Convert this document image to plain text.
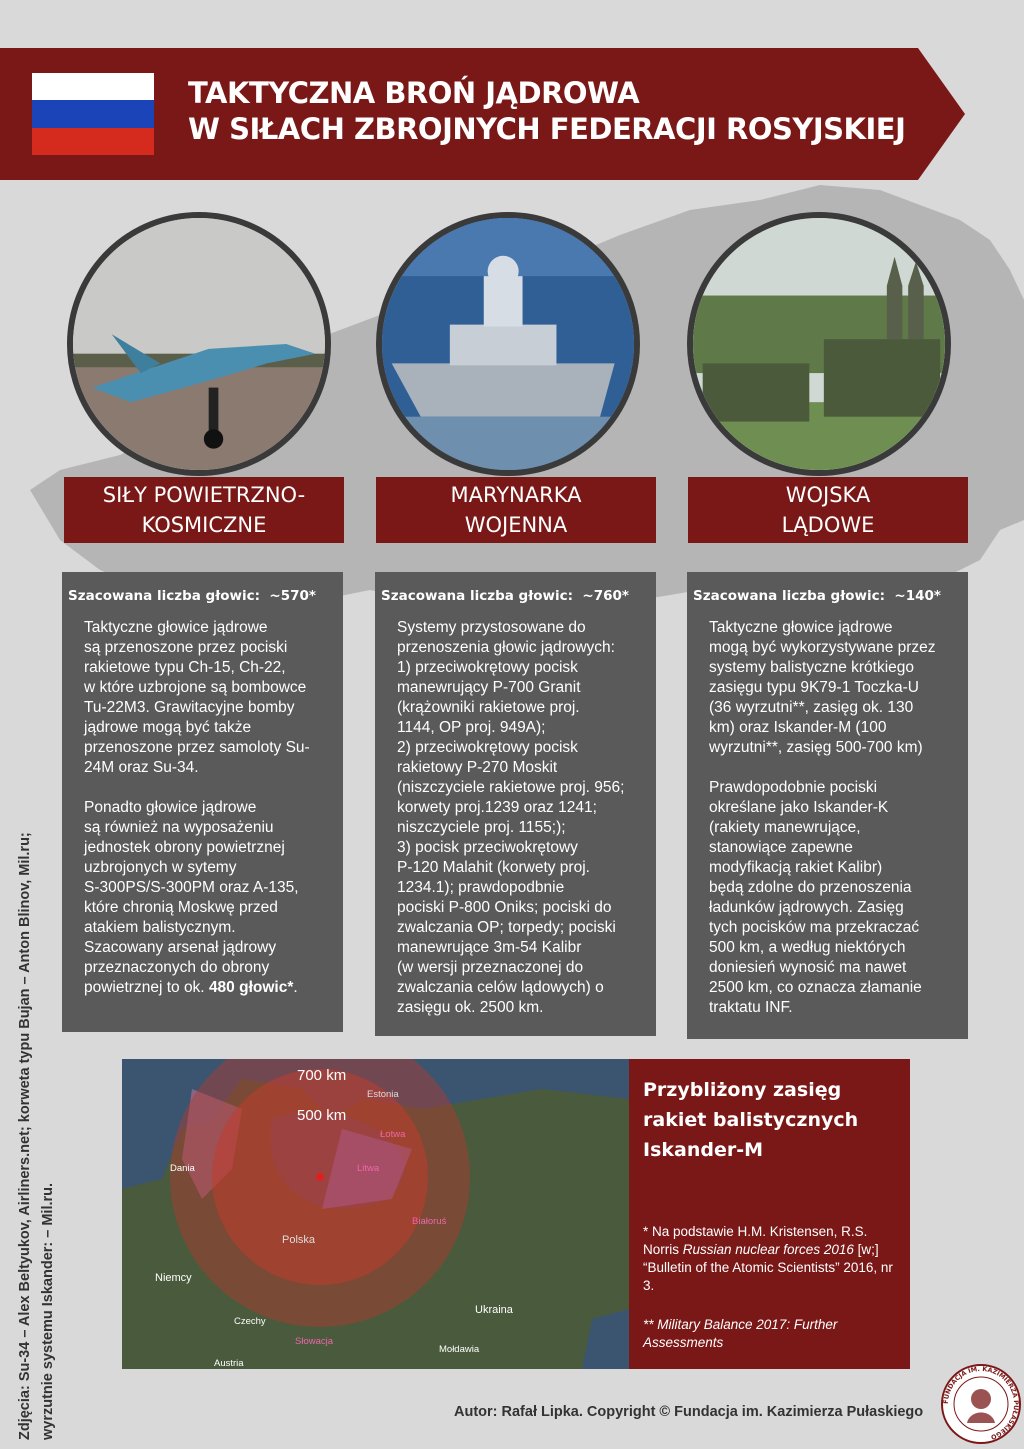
TAKTYCZNA BROŃ JĄDROWA
W SIŁACH ZBROJNYCH FEDERACJI ROSYJSKIEJ
SIŁY POWIETRZNO-
KOSMICZNE
MARYNARKA
WOJENNA
WOJSKA
LĄDOWE
Szacowana liczba głowic: ~570*

Taktyczne głowice jądrowe
są przenoszone przez pociski
rakietowe typu Ch-15, Ch-22,
w które uzbrojone są bombowce
Tu-22M3. Grawitacyjne bomby
jądrowe mogą być także
przenoszone przez samoloty Su-
24M oraz Su-34.

Ponadto głowice jądrowe
są również na wyposażeniu
jednostek obrony powietrznej
uzbrojonych w sytemy
S-300PS/S-300PM oraz A-135,
które chronią Moskwę przed
atakiem balistycznym.
Szacowany arsenał jądrowy
przeznaczonych do obrony
powietrznej to ok. 480 głowic*.

Szacowana liczba głowic: ~760*

Systemy przystosowane do
przenoszenia głowic jądrowych:
1) przeciwokrętowy pocisk
manewrujący P-700 Granit
(krążowniki rakietowe proj.
1144, OP proj. 949A);
2) przeciwokrętowy pocisk
rakietowy P-270 Moskit
(niszczyciele rakietowe proj. 956;
korwety proj.1239 oraz 1241;
niszczyciele proj. 1155;);
3) pocisk przeciwokrętowy
P-120 Malahit (korwety proj.
1234.1); prawdopodbnie
pociski P-800 Oniks; pociski do
zwalczania OP; torpedy; pociski
manewrujące 3m-54 Kalibr
(w wersji przeznaczonej do
zwalczania celów lądowych) o
zasięgu ok. 2500 km.

Szacowana liczba głowic: ~140*

Taktyczne głowice jądrowe
mogą być wykorzystywane przez
systemy balistyczne krótkiego
zasięgu typu 9K79-1 Toczka-U
(36 wyrzutni**, zasięg ok. 130
km) oraz Iskander-M (100
wyrzutni**, zasięg 500-700 km)

Prawdopodobnie pociski
określane jako Iskander-K
(rakiety manewrujące,
stanowiące zapewne
modyfikacją rakiet Kalibr)
będą zdolne do przenoszenia
ładunków jądrowych. Zasięg
tych pocisków ma przekraczać
500 km, a według niektórych
doniesień wynosić ma nawet
2500 km, co oznacza złamanie
traktatu INF.

700 km
500 km
Estonia
Łotwa
Litwa
Białoruś
Polska
Dania
Niemcy
Ukraina
Czechy
Słowacja
Austria
Mołdawia
Przybliżony zasięg
rakiet balistycznych
Iskander-M
* Na podstawie H.M. Kristensen, R.S. Norris Russian nuclear forces 2016 [w;] “Bulletin of the Atomic Scientists” 2016, nr 3.
** Military Balance 2017: Further Assessments
Zdjęcia: Su-34 – Alex Beltyukov, Airliners.net; korweta typu Bujan – Anton Blinov, Mil.ru; wyrzutnie systemu Iskander: – Mil.ru.	Autor: Rafał Lipka. Copyright © Fundacja im. Kazimierza Pułaskiego
FUNDACJA IM. KAZIMIERZA PUŁASKIEGO
